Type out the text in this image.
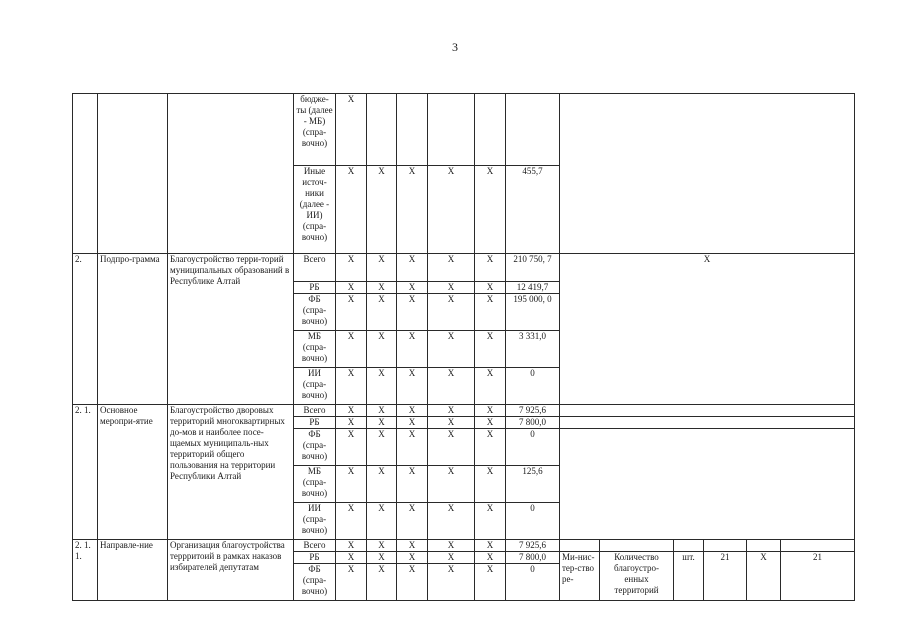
3
			бюдже-ты (далее - МБ) (спра-вочно)	X											
			Иные источ-ники (далее - ИИ) (спра-вочно)	X	X	X	X	X	455,7						
2.	Подпро-грамма	Благоустройство терри-торий муниципальных образований в Республике Алтай	Всего	X	X	X	X	X	210 750, 7	X					
			РБ	X	X	X	X	X	12 419,7						
			ФБ (спра-вочно)	X	X	X	X	X	195 000, 0						
			МБ (спра-вочно)	X	X	X	X	X	3 331,0						
			ИИ (спра-вочно)	X	X	X	X	X	0						
2. 1.	Основное меропри-ятие	Благоустройство дворовых территорий многоквартирных до-мов и наиболее посе-щаемых муниципаль-ных территорий общего пользования на территории Республики Алтай	Всего	X	X	X	X	X	7 925,6						
			РБ	X	X	X	X	X	7 800,0						
			ФБ (спра-вочно)	X	X	X	X	X	0						
			МБ (спра-вочно)	X	X	X	X	X	125,6						
			ИИ (спра-вочно)	X	X	X	X	X	0						
2. 1. 1.	Направле-ние	Организация благоустройства террритоий в рамках наказов избирателей депутатам	Всего	X	X	X	X	X	7 925,6						
			РБ	X	X	X	X	X	7 800,0	Ми-нис-тер-ство ре-	Количество благоустро-енных территорий	шт.	21	X	21
			ФБ (спра-вочно)	X	X	X	X	X	0						
